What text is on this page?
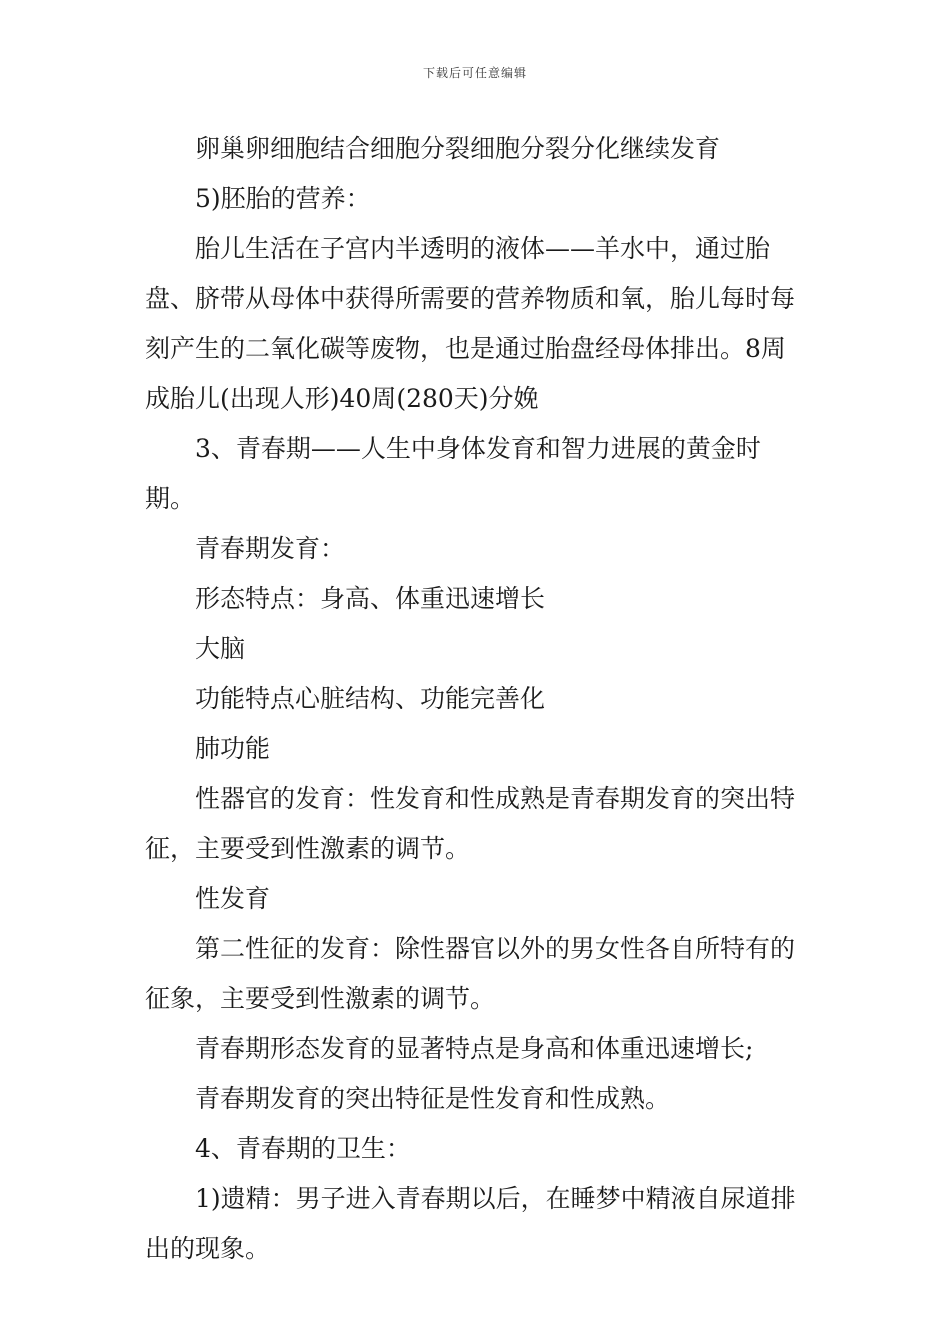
下载后可任意编辑

卵巢卵细胞结合细胞分裂细胞分裂分化继续发育

5)胚胎的营养：

胎儿生活在子宫内半透明的液体——羊水中，通过胎盘、脐带从母体中获得所需要的营养物质和氧，胎儿每时每刻产生的二氧化碳等废物，也是通过胎盘经母体排出。8周成胎儿(出现人形)40周(280天)分娩

3、青春期——人生中身体发育和智力进展的黄金时期。

青春期发育：

形态特点：身高、体重迅速增长

大脑

功能特点心脏结构、功能完善化

肺功能

性器官的发育：性发育和性成熟是青春期发育的突出特征，主要受到性激素的调节。

性发育

第二性征的发育：除性器官以外的男女性各自所特有的征象，主要受到性激素的调节。

青春期形态发育的显著特点是身高和体重迅速增长;

青春期发育的突出特征是性发育和性成熟。

4、青春期的卫生：

1)遗精：男子进入青春期以后，在睡梦中精液自尿道排出的现象。
